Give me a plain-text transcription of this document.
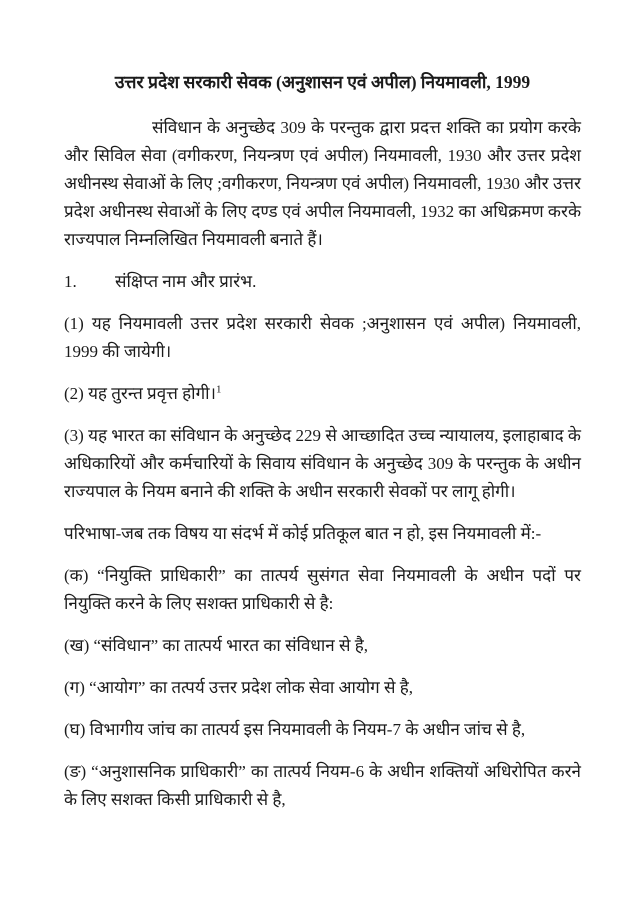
उत्तर प्रदेश सरकारी सेवक (अनुशासन एवं अपील) नियमावली, 1999

संविधान के अनुच्छेद 309 के परन्तुक द्वारा प्रदत्त शक्ति का प्रयोग करके और सिविल सेवा (वगीकरण, नियन्त्रण एवं अपील) नियमावली, 1930 और उत्तर प्रदेश अधीनस्थ सेवाओं के लिए ;वगीकरण, नियन्त्रण एवं अपील) नियमावली, 1930 और उत्तर प्रदेश अधीनस्थ सेवाओं के लिए दण्ड एवं अपील नियमावली, 1932 का अधिक्रमण करके राज्यपाल निम्नलिखित नियमावली बनाते हैं।

1. संक्षिप्त नाम और प्रारंभ.

(1) यह नियमावली उत्तर प्रदेश सरकारी सेवक ;अनुशासन एवं अपील) नियमावली, 1999 की जायेगी।

(2) यह तुरन्त प्रवृत्त होगी।$^1$

(3) यह भारत का संविधान के अनुच्छेद 229 से आच्छादित उच्च न्यायालय, इलाहाबाद के अधिकारियों और कर्मचारियों के सिवाय संविधान के अनुच्छेद 309 के परन्तुक के अधीन राज्यपाल के नियम बनाने की शक्ति के अधीन सरकारी सेवकों पर लागू होगी।

परिभाषा-जब तक विषय या संदर्भ में कोई प्रतिकूल बात न हो, इस नियमावली में:-

(क) “नियुक्ति प्राधिकारी” का तात्पर्य सुसंगत सेवा नियमावली के अधीन पदों पर नियुक्ति करने के लिए सशक्त प्राधिकारी से है:

(ख) “संविधान” का तात्पर्य भारत का संविधान से है,

(ग) “आयोग” का तत्पर्य उत्तर प्रदेश लोक सेवा आयोग से है,

(घ) विभागीय जांच का तात्पर्य इस नियमावली के नियम-7 के अधीन जांच से है,

(ङ) “अनुशासनिक प्राधिकारी” का तात्पर्य नियम-6 के अधीन शक्तियों अधिरोपित करने के लिए सशक्त किसी प्राधिकारी से है,
